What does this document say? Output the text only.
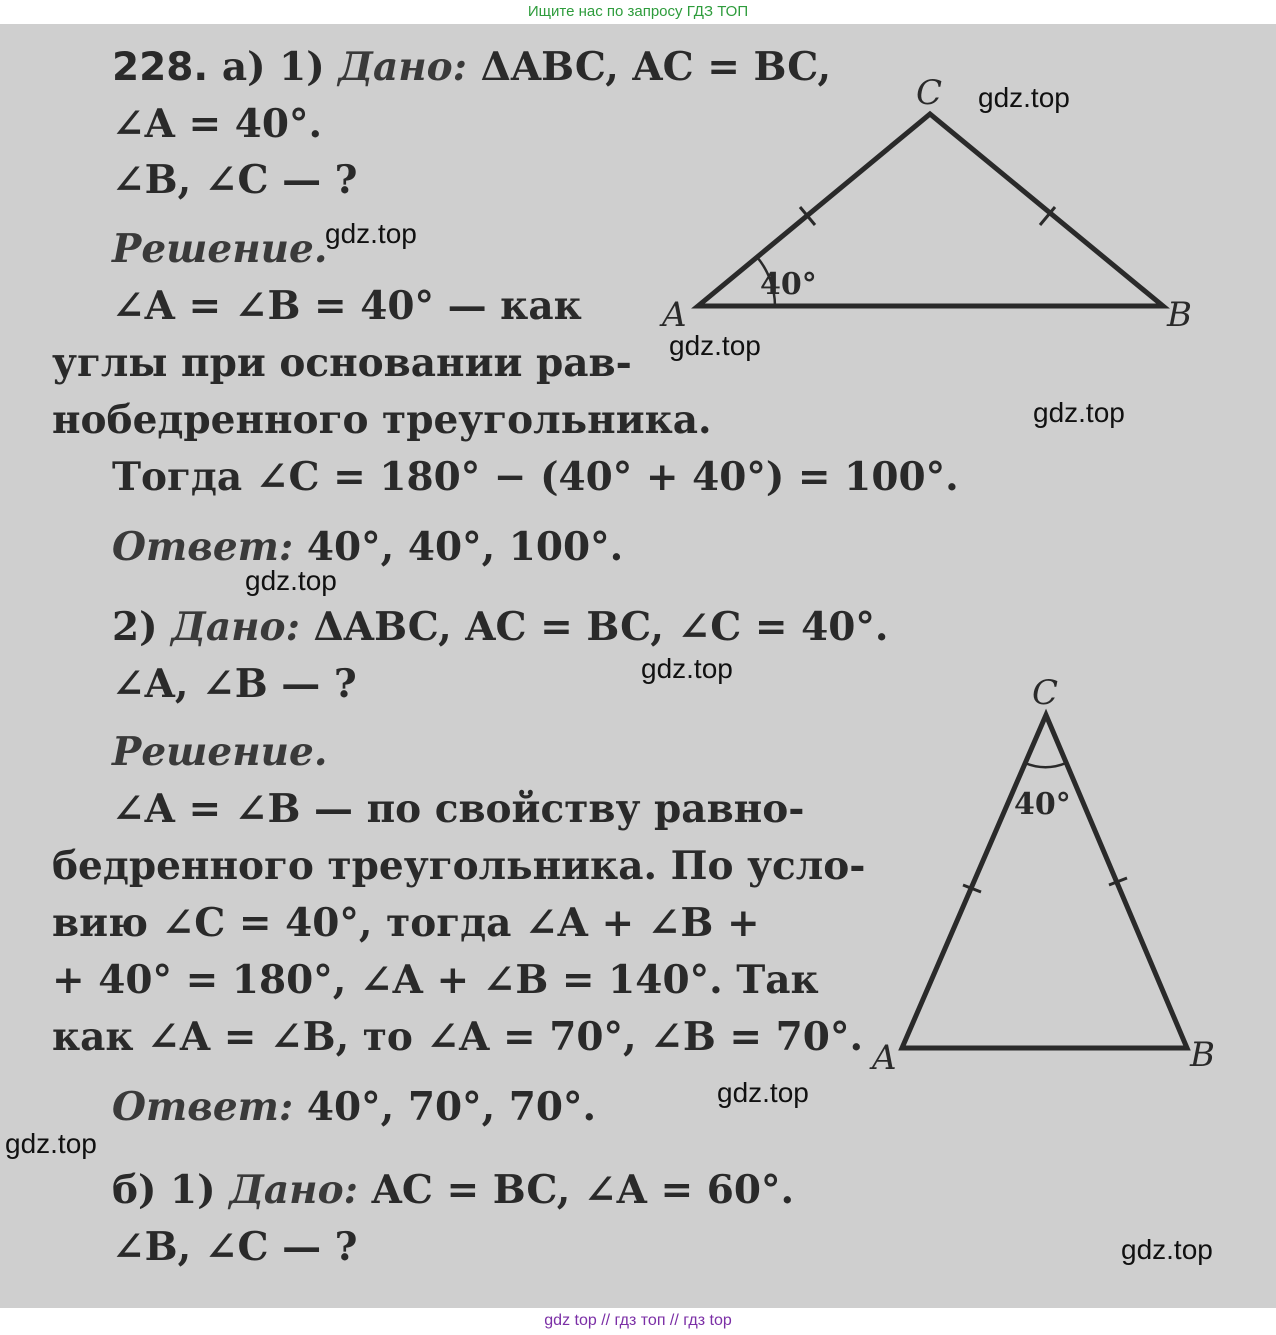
Ищите нас по запросу ГДЗ ТОП
228. а) 1) Дано: ΔABC, AC = BC,
∠A = 40°.
∠B, ∠C — ?
Решение.
∠A = ∠B = 40° — как
углы при основании рав-
нобедренного треугольника.
Тогда ∠C = 180° − (40° + 40°) = 100°.
Ответ: 40°, 40°, 100°.
2) Дано: ΔABC, AC = BC, ∠C = 40°.
∠A, ∠B — ?
Решение.
∠A = ∠B — по свойству равно-
бедренного треугольника. По усло-
вию ∠C = 40°, тогда ∠A + ∠B +
+ 40° = 180°, ∠A + ∠B = 140°. Так
как ∠A = ∠B, то ∠A = 70°, ∠B = 70°.
Ответ: 40°, 70°, 70°.
б) 1) Дано: AC = BC, ∠A = 60°.
∠B, ∠C — ?
40°
A	B
C
40°
A	B
C
gdz.top
gdz.top
gdz.top
gdz.top
gdz.top
gdz.top
gdz.top
gdz.top
gdz.top
gdz top // гдз топ // гдз top
